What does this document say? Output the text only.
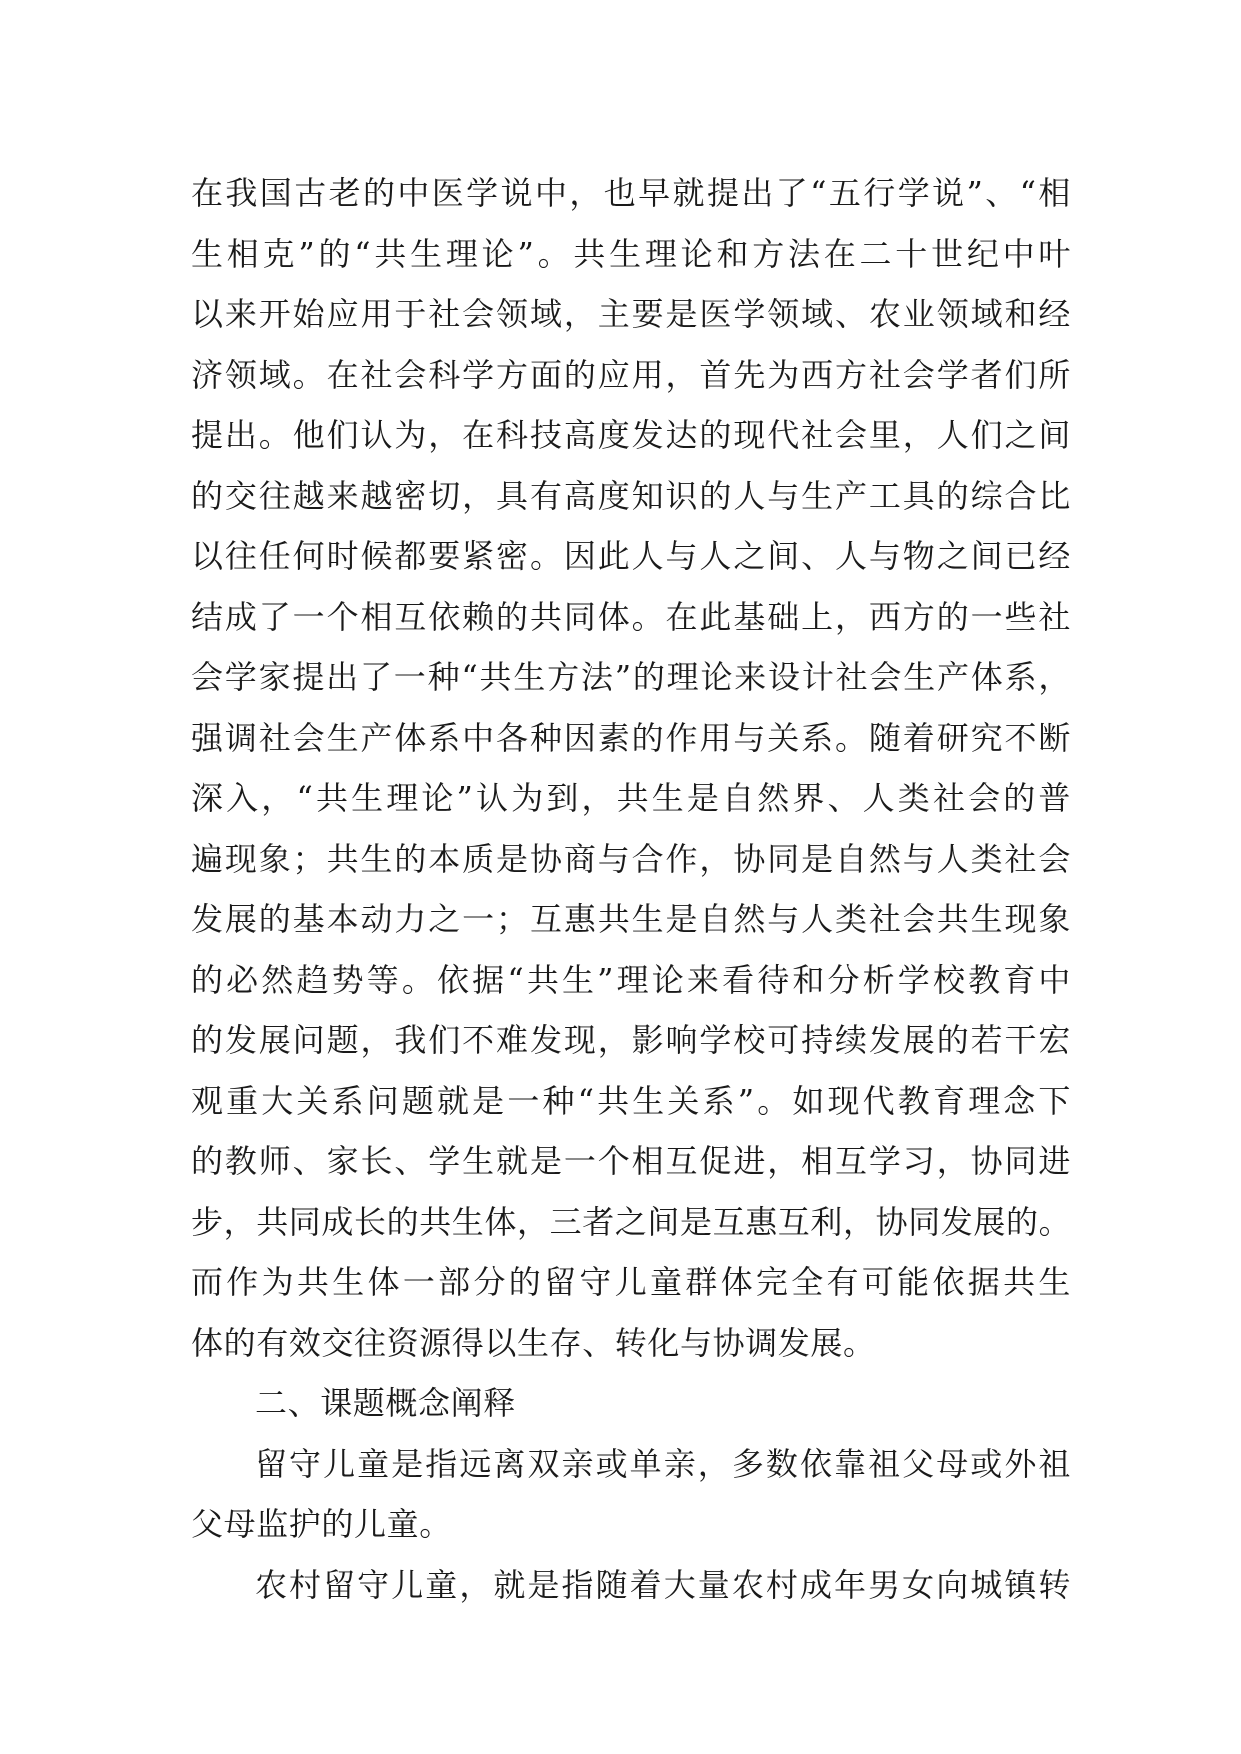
在我国古老的中医学说中，也早就提出了“五行学说”、“相
生相克”的“共生理论”。共生理论和方法在二十世纪中叶
以来开始应用于社会领域，主要是医学领域、农业领域和经
济领域。在社会科学方面的应用，首先为西方社会学者们所
提出。他们认为，在科技高度发达的现代社会里，人们之间
的交往越来越密切，具有高度知识的人与生产工具的综合比
以往任何时候都要紧密。因此人与人之间、人与物之间已经
结成了一个相互依赖的共同体。在此基础上，西方的一些社
会学家提出了一种“共生方法”的理论来设计社会生产体系，
强调社会生产体系中各种因素的作用与关系。随着研究不断
深入，“共生理论”认为到，共生是自然界、人类社会的普
遍现象；共生的本质是协商与合作，协同是自然与人类社会
发展的基本动力之一；互惠共生是自然与人类社会共生现象
的必然趋势等。依据“共生”理论来看待和分析学校教育中
的发展问题，我们不难发现，影响学校可持续发展的若干宏
观重大关系问题就是一种“共生关系”。如现代教育理念下
的教师、家长、学生就是一个相互促进，相互学习，协同进
步，共同成长的共生体，三者之间是互惠互利，协同发展的。
而作为共生体一部分的留守儿童群体完全有可能依据共生
体的有效交往资源得以生存、转化与协调发展。
二、课题概念阐释
留守儿童是指远离双亲或单亲，多数依靠祖父母或外祖
父母监护的儿童。
农村留守儿童，就是指随着大量农村成年男女向城镇转
